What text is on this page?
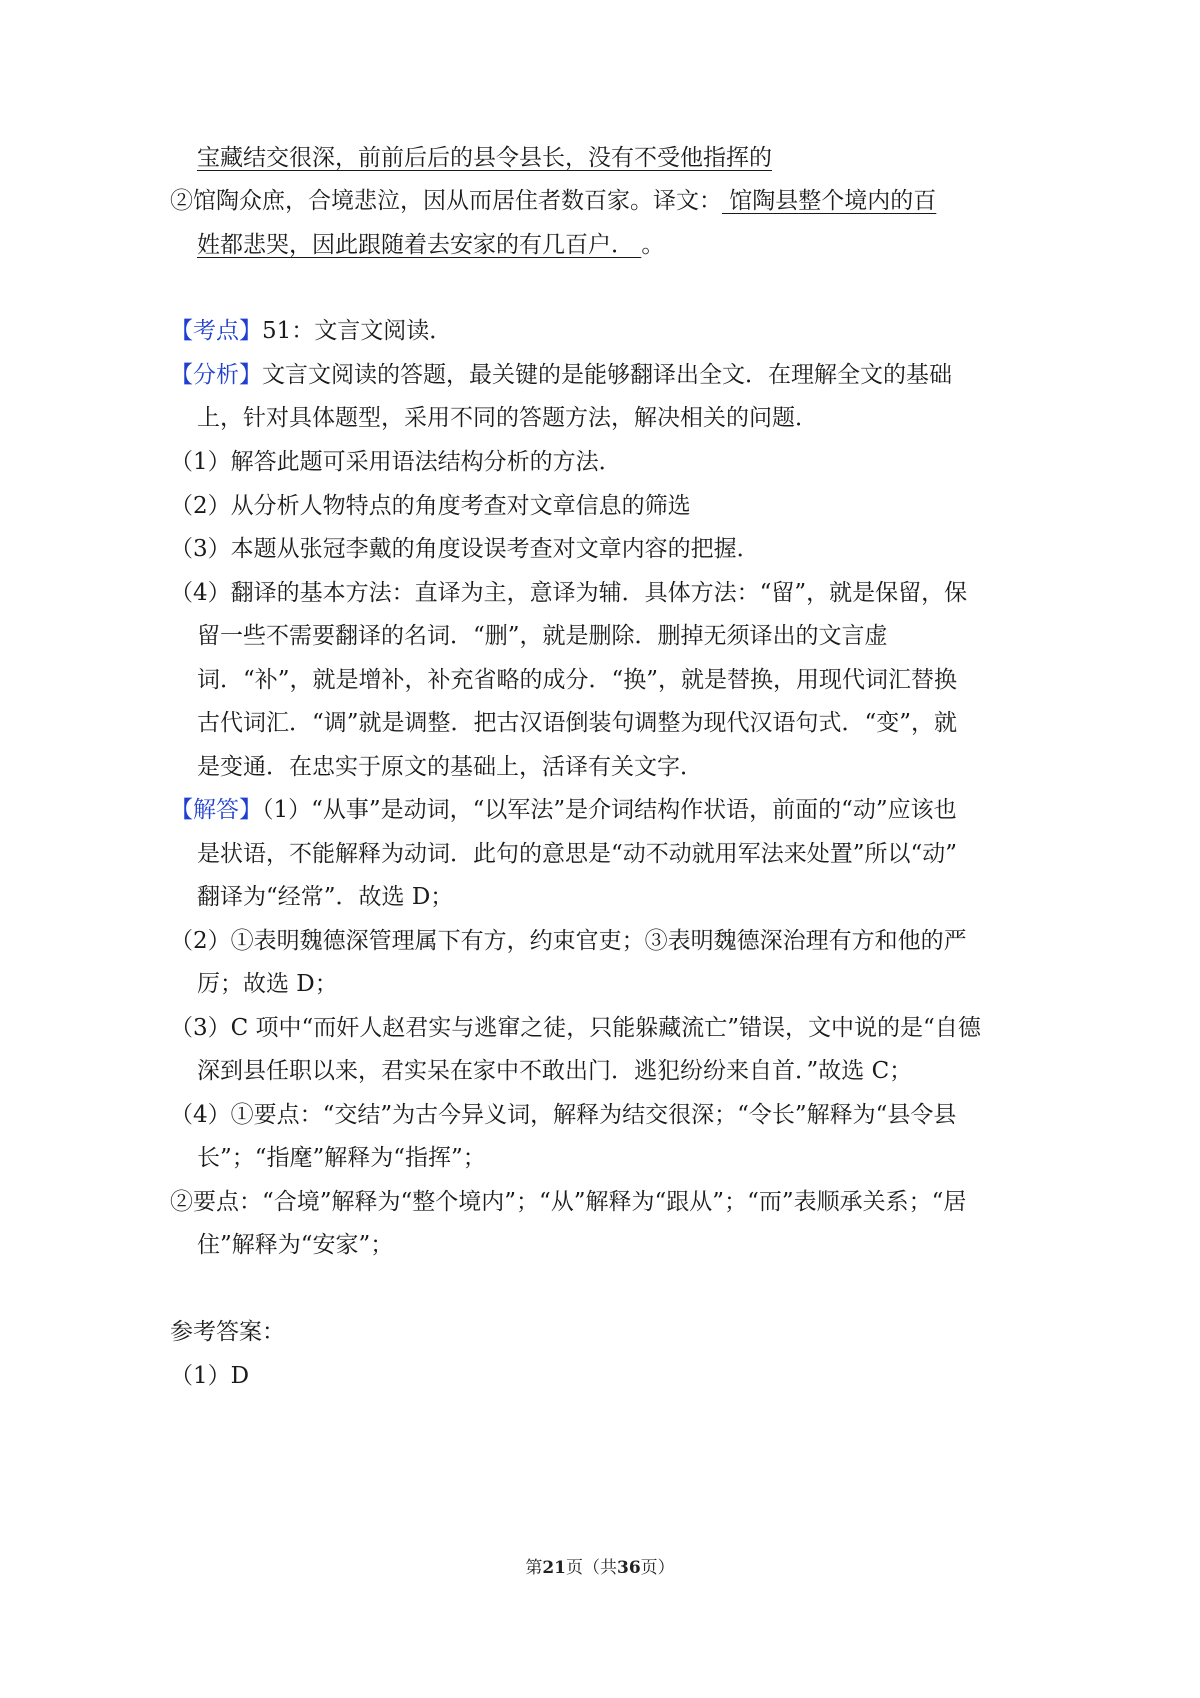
宝藏结交很深，前前后后的县令县长，没有不受他指挥的
②馆陶众庶，合境悲泣，因从而居住者数百家。译文： 馆陶县整个境内的百
姓都悲哭，因此跟随着去安家的有几百户． 。
【考点】51：文言文阅读．
【分析】文言文阅读的答题，最关键的是能够翻译出全文．在理解全文的基础
上，针对具体题型，采用不同的答题方法，解决相关的问题．
（1）解答此题可采用语法结构分析的方法．
（2）从分析人物特点的角度考查对文章信息的筛选
（3）本题从张冠李戴的角度设误考查对文章内容的把握．
（4）翻译的基本方法：直译为主，意译为辅．具体方法：“留”，就是保留，保
留一些不需要翻译的名词．“删”，就是删除．删掉无须译出的文言虚
词．“补”，就是增补，补充省略的成分．“换”，就是替换，用现代词汇替换
古代词汇．“调”就是调整．把古汉语倒装句调整为现代汉语句式．“变”，就
是变通．在忠实于原文的基础上，活译有关文字．
【解答】（1）“从事”是动词，“以军法”是介词结构作状语，前面的“动”应该也
是状语，不能解释为动词．此句的意思是“动不动就用军法来处置”所以“动”
翻译为“经常”．故选 D；
（2）①表明魏德深管理属下有方，约束官吏；③表明魏德深治理有方和他的严
厉；故选 D；
（3）C 项中“而奸人赵君实与逃窜之徒，只能躲藏流亡”错误，文中说的是“自德
深到县任职以来，君实呆在家中不敢出门．逃犯纷纷来自首．”故选 C；
（4）①要点：“交结”为古今异义词，解释为结交很深；“令长”解释为“县令县
长”；“指麾”解释为“指挥”；
②要点：“合境”解释为“整个境内”；“从”解释为“跟从”；“而”表顺承关系；“居
住”解释为“安家”；
参考答案：
（1）D
第21页（共36页）
